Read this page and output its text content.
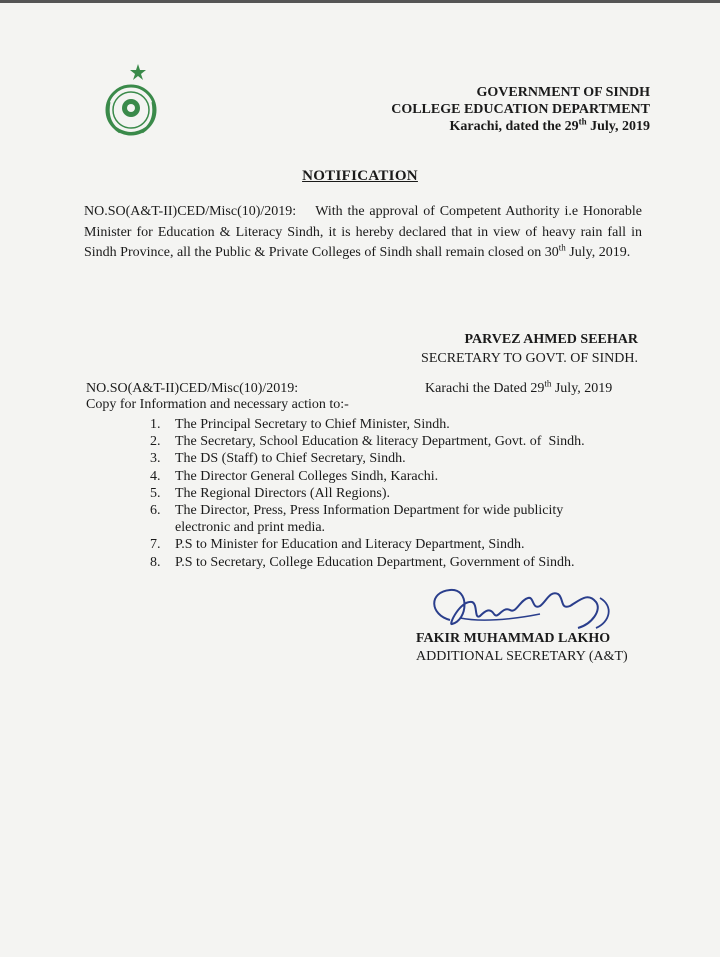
GOVERNMENT OF SINDH
COLLEGE EDUCATION DEPARTMENT
Karachi, dated the 29th July, 2019
NOTIFICATION
NO.SO(A&T-II)CED/Misc(10)/2019:    With the approval of Competent Authority i.e Honorable Minister for Education & Literacy Sindh, it is hereby declared that in view of heavy rain fall in Sindh Province, all the Public & Private Colleges of Sindh shall remain closed on 30th July, 2019.
PARVEZ AHMED SEEHAR
SECRETARY TO GOVT. OF SINDH.
NO.SO(A&T-II)CED/Misc(10)/2019:	Karachi the Dated 29th July, 2019
Copy for Information and necessary action to:-
1.	The Principal Secretary to Chief Minister, Sindh.
2.	The Secretary, School Education & literacy Department, Govt. of  Sindh.
3.	The DS (Staff) to Chief Secretary, Sindh.
4.	The Director General Colleges Sindh, Karachi.
5.	The Regional Directors (All Regions).
6.	The Director, Press, Press Information Department for wide publicity electronic and print media.
7.	P.S to Minister for Education and Literacy Department, Sindh.
8.	P.S to Secretary, College Education Department, Government of Sindh.
FAKIR MUHAMMAD LAKHO
ADDITIONAL SECRETARY (A&T)
